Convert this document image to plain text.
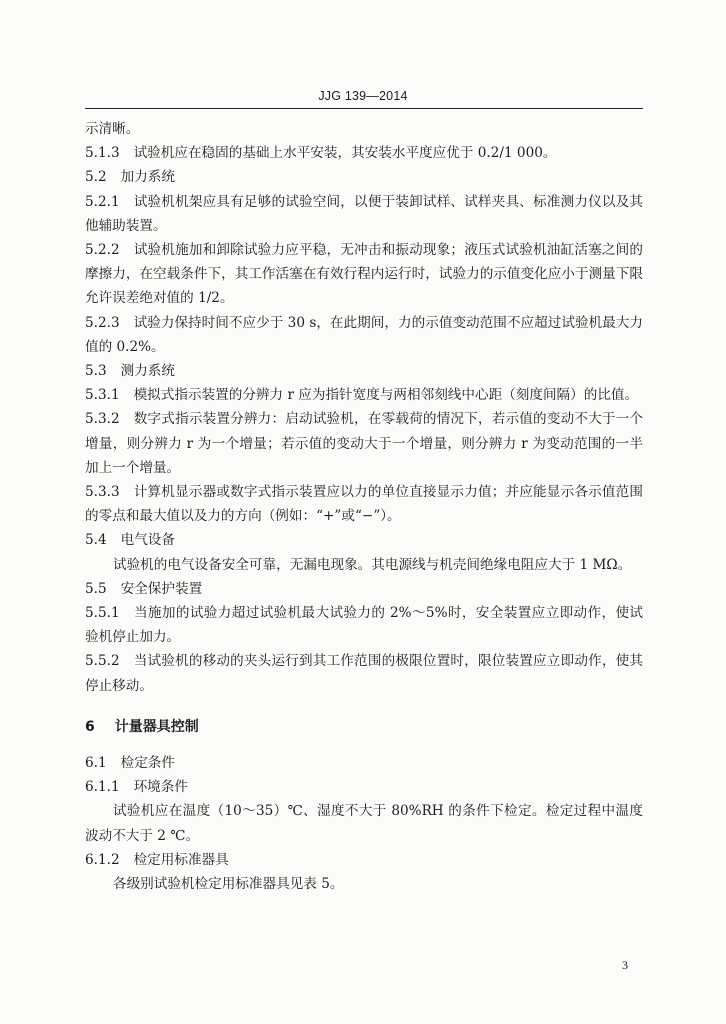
JJG 139—2014

示清晰。

5.1.3 试验机应在稳固的基础上水平安装，其安装水平度应优于 0.2/1 000。

5.2 加力系统

5.2.1 试验机机架应具有足够的试验空间，以便于装卸试样、试样夹具、标准测力仪以及其他辅助装置。

5.2.2 试验机施加和卸除试验力应平稳，无冲击和振动现象；液压式试验机油缸活塞之间的摩擦力，在空载条件下，其工作活塞在有效行程内运行时，试验力的示值变化应小于测量下限允许误差绝对值的 1/2。

5.2.3 试验力保持时间不应少于 30 s，在此期间，力的示值变动范围不应超过试验机最大力值的 0.2%。

5.3 测力系统

5.3.1 模拟式指示装置的分辨力 r 应为指针宽度与两相邻刻线中心距（刻度间隔）的比值。

5.3.2 数字式指示装置分辨力：启动试验机，在零载荷的情况下，若示值的变动不大于一个增量，则分辨力 r 为一个增量；若示值的变动大于一个增量，则分辨力 r 为变动范围的一半加上一个增量。

5.3.3 计算机显示器或数字式指示装置应以力的单位直接显示力值；并应能显示各示值范围的零点和最大值以及力的方向（例如：“+”或“−”）。

5.4 电气设备

试验机的电气设备安全可靠，无漏电现象。其电源线与机壳间绝缘电阻应大于 1 MΩ。

5.5 安全保护装置

5.5.1 当施加的试验力超过试验机最大试验力的 2%～5%时，安全装置应立即动作，使试验机停止加力。

5.5.2 当试验机的移动的夹头运行到其工作范围的极限位置时，限位装置应立即动作，使其停止移动。

6 计量器具控制

6.1 检定条件

6.1.1 环境条件

试验机应在温度（10～35）℃、湿度不大于 80%RH 的条件下检定。检定过程中温度波动不大于 2 ℃。

6.1.2 检定用标准器具

各级别试验机检定用标准器具见表 5。

3
